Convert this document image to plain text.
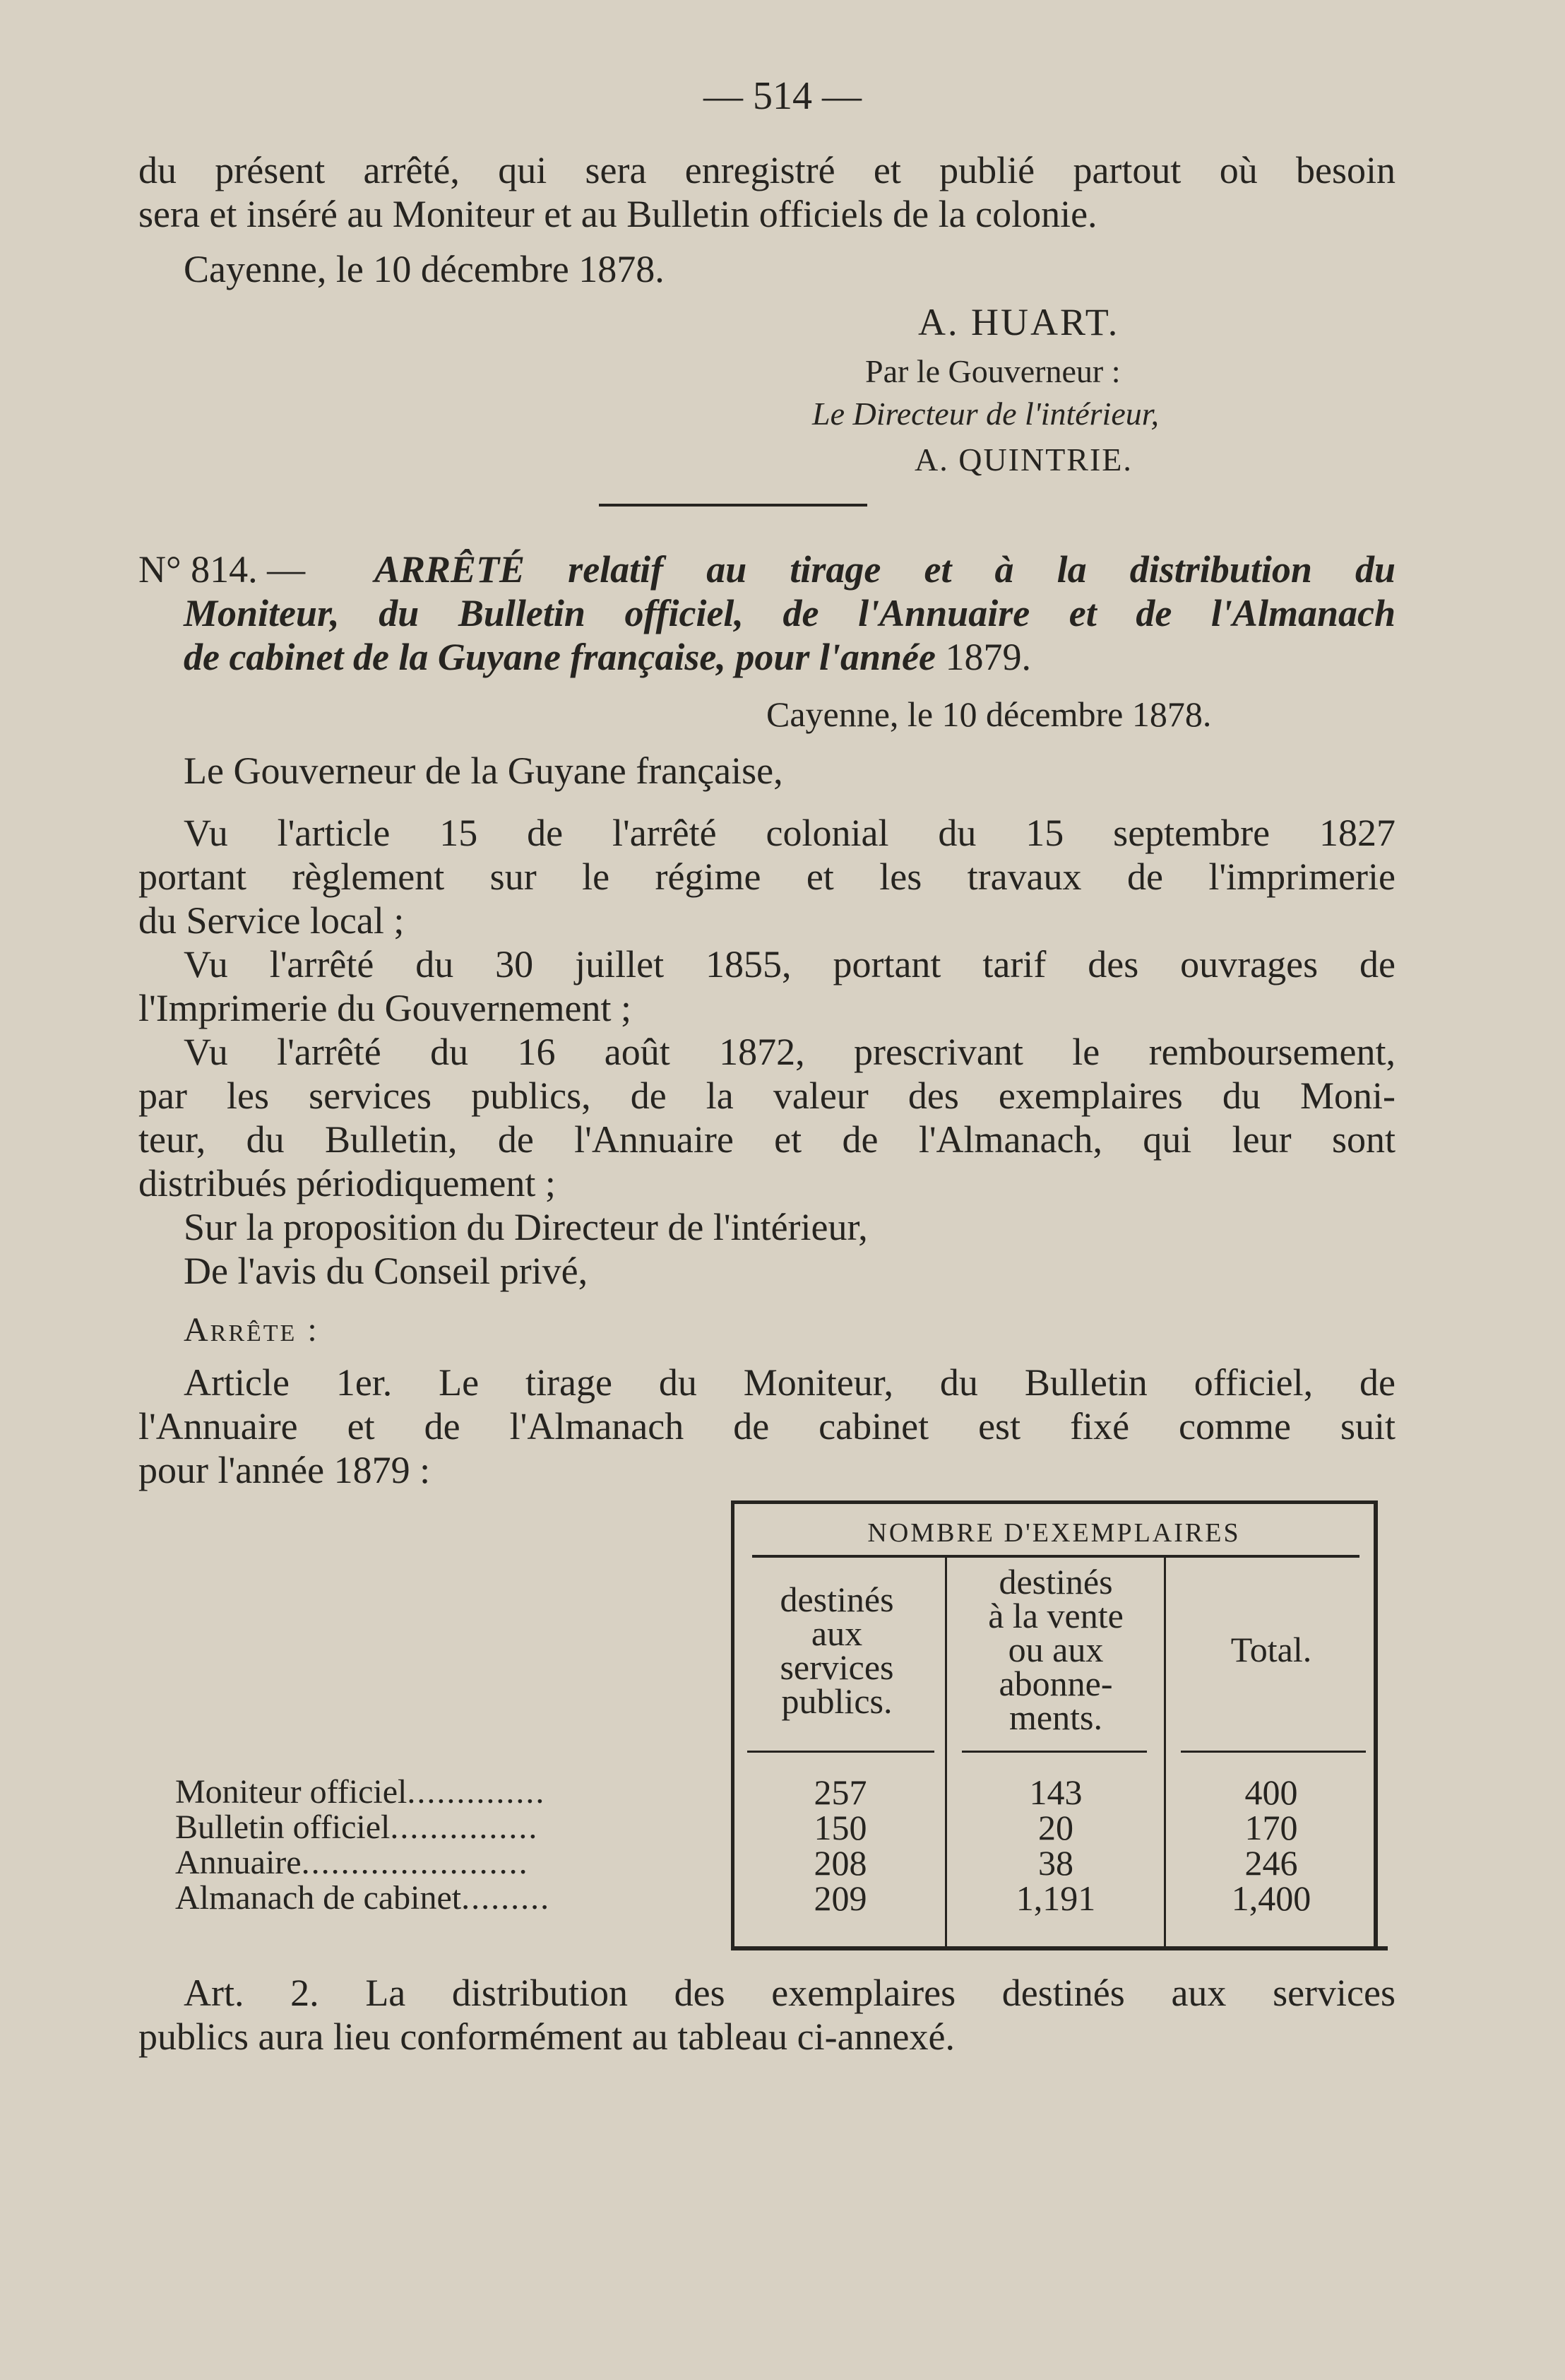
— 514 —
du présent arrêté, qui sera enregistré et publié partout où besoin
sera et inséré au Moniteur et au Bulletin officiels de la colonie.
Cayenne, le 10 décembre 1878.
A. HUART.
Par le Gouverneur :
Le Directeur de l'intérieur,
A. QUINTRIE.
N° 814. — ARRÊTÉ relatif au tirage et à la distribution du
Moniteur, du Bulletin officiel, de l'Annuaire et de l'Almanach
de cabinet de la Guyane française, pour l'année 1879.
Cayenne, le 10 décembre 1878.
Le Gouverneur de la Guyane française,
Vu l'article 15 de l'arrêté colonial du 15 septembre 1827
portant règlement sur le régime et les travaux de l'imprimerie
du Service local ;
Vu l'arrêté du 30 juillet 1855, portant tarif des ouvrages de
l'Imprimerie du Gouvernement ;
Vu l'arrêté du 16 août 1872, prescrivant le remboursement,
par les services publics, de la valeur des exemplaires du Moni-
teur, du Bulletin, de l'Annuaire et de l'Almanach, qui leur sont
distribués périodiquement ;
Sur la proposition du Directeur de l'intérieur,
De l'avis du Conseil privé,
Arrête :
Article 1er. Le tirage du Moniteur, du Bulletin officiel, de
l'Annuaire et de l'Almanach de cabinet est fixé comme suit
pour l'année 1879 :
NOMBRE D'EXEMPLAIRES
destinés
aux
services
publics.
destinés
à la vente
ou aux
abonne-
ments.
Total.
Moniteur officiel..............	257	143	400
Bulletin officiel...............	150	20	170
Annuaire.......................	208	38	246
Almanach de cabinet.........	209	1,191	1,400
Art. 2. La distribution des exemplaires destinés aux services
publics aura lieu conformément au tableau ci-annexé.
